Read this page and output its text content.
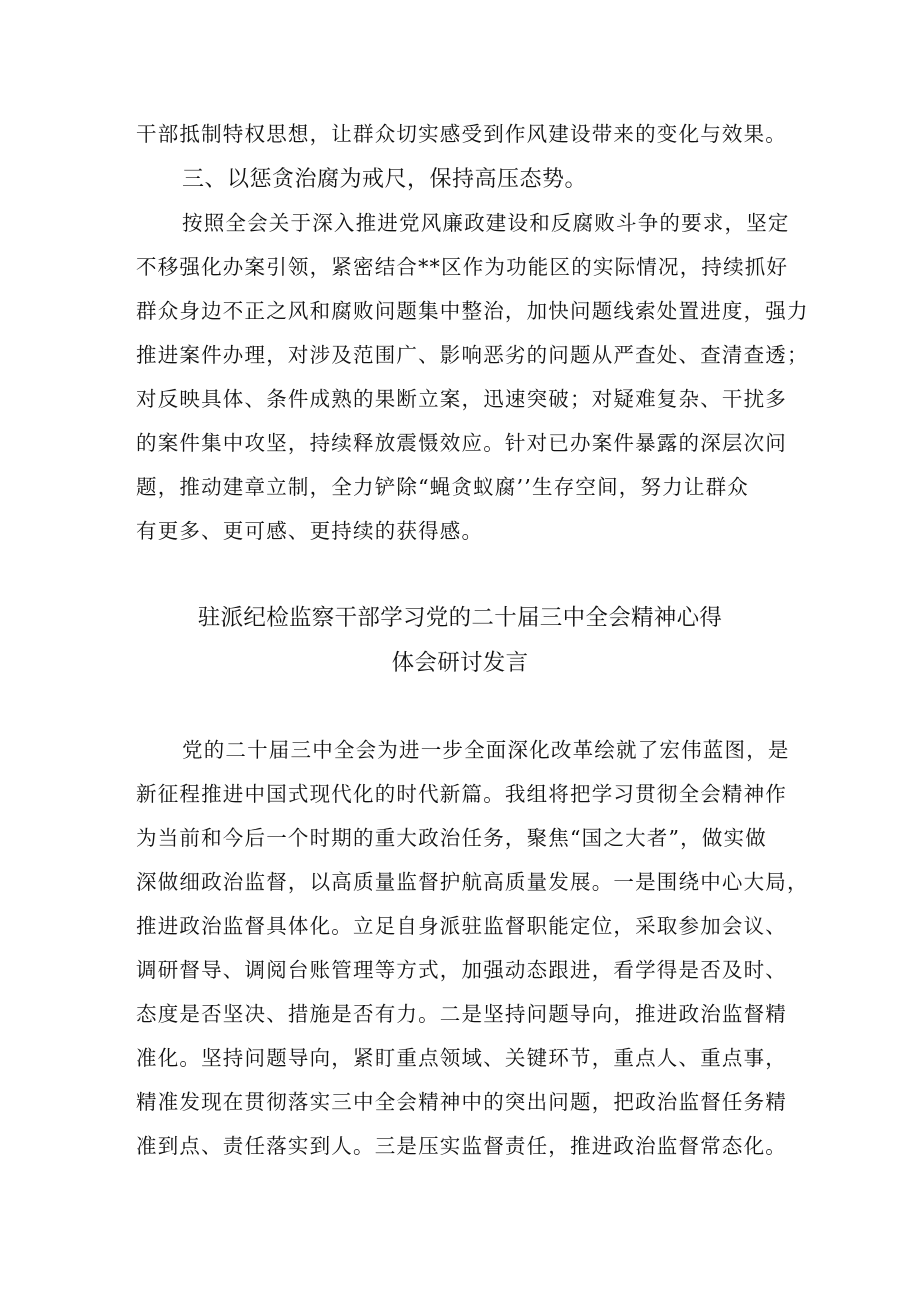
干部抵制特权思想，让群众切实感受到作风建设带来的变化与效果。
三、以惩贪治腐为戒尺，保持高压态势。
按照全会关于深入推进党风廉政建设和反腐败斗争的要求，坚定
不移强化办案引领，紧密结合**区作为功能区的实际情况，持续抓好
群众身边不正之风和腐败问题集中整治，加快问题线索处置进度，强力
推进案件办理，对涉及范围广、影响恶劣的问题从严查处、查清查透；
对反映具体、条件成熟的果断立案，迅速突破；对疑难复杂、干扰多
的案件集中攻坚，持续释放震慑效应。针对已办案件暴露的深层次问
题，推动建章立制，全力铲除“蝇贪蚁腐’’生存空间，努力让群众
有更多、更可感、更持续的获得感。
驻派纪检监察干部学习党的二十届三中全会精神心得
体会研讨发言
党的二十届三中全会为进一步全面深化改革绘就了宏伟蓝图，是
新征程推进中国式现代化的时代新篇。我组将把学习贯彻全会精神作
为当前和今后一个时期的重大政治任务，聚焦“国之大者”，做实做
深做细政治监督，以高质量监督护航高质量发展。一是围绕中心大局，
推进政治监督具体化。立足自身派驻监督职能定位，采取参加会议、
调研督导、调阅台账管理等方式，加强动态跟进，看学得是否及时、
态度是否坚决、措施是否有力。二是坚持问题导向，推进政治监督精
准化。坚持问题导向，紧盯重点领域、关键环节，重点人、重点事，
精准发现在贯彻落实三中全会精神中的突出问题，把政治监督任务精
准到点、责任落实到人。三是压实监督责任，推进政治监督常态化。
